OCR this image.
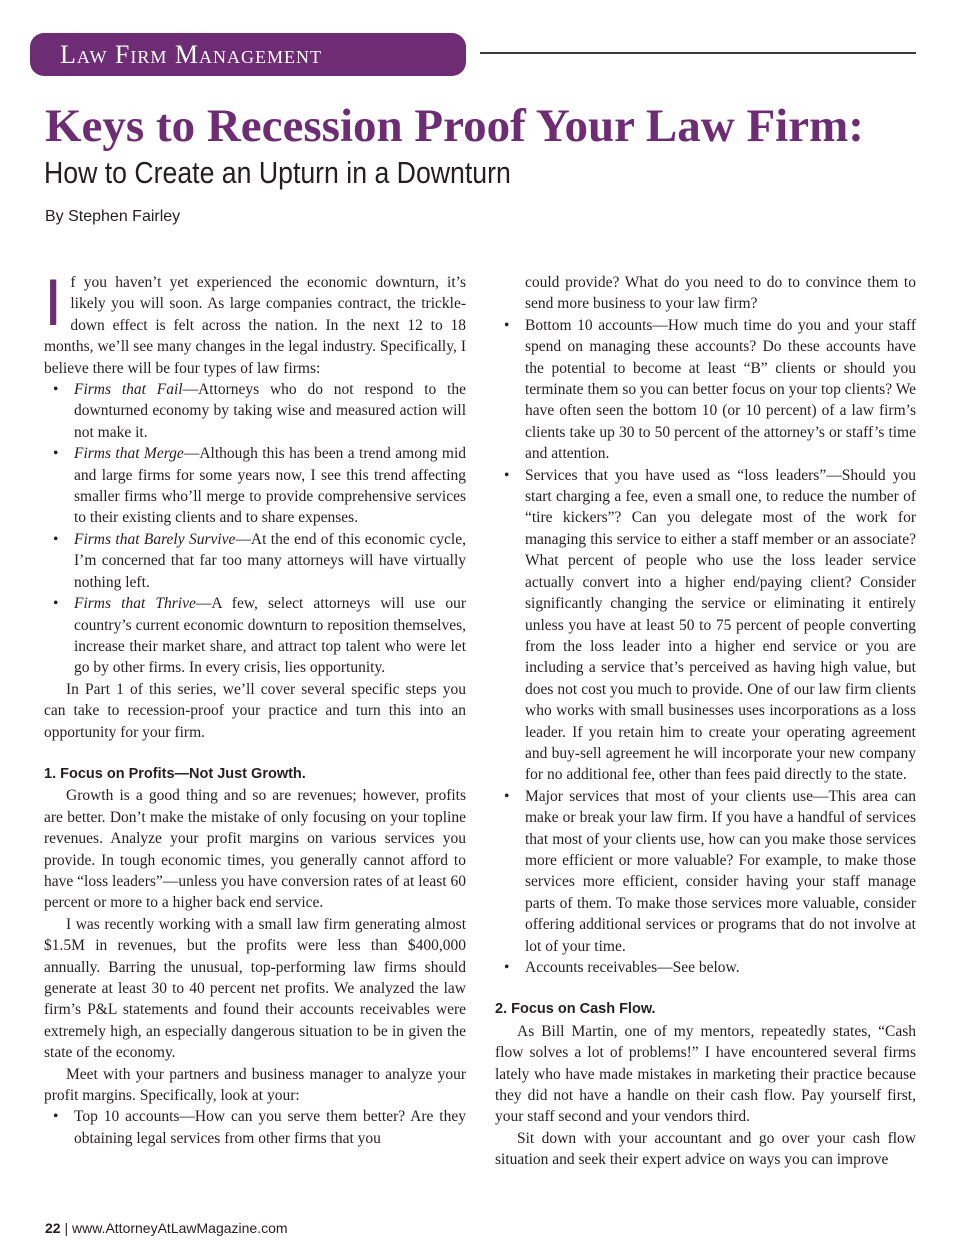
Law Firm Management
Keys to Recession Proof Your Law Firm:
How to Create an Upturn in a Downturn
By Stephen Fairley

If you haven’t yet experienced the economic downturn, it’s likely you will soon. As large companies contract, the trickle-down effect is felt across the nation. In the next 12 to 18 months, we’ll see many changes in the legal industry. Specifically, I believe there will be four types of law firms:

• Firms that Fail—Attorneys who do not respond to the downturned economy by taking wise and measured action will not make it.
• Firms that Merge—Although this has been a trend among mid and large firms for some years now, I see this trend affecting smaller firms who’ll merge to provide comprehensive services to their existing clients and to share expenses.
• Firms that Barely Survive—At the end of this economic cycle, I’m concerned that far too many attorneys will have virtually nothing left.
• Firms that Thrive—A few, select attorneys will use our country’s current economic downturn to reposition themselves, increase their market share, and attract top talent who were let go by other firms. In every crisis, lies opportunity.

In Part 1 of this series, we’ll cover several specific steps you can take to recession-proof your practice and turn this into an opportunity for your firm.

1. Focus on Profits—Not Just Growth.

Growth is a good thing and so are revenues; however, profits are better. Don’t make the mistake of only focusing on your topline revenues. Analyze your profit margins on various services you provide. In tough economic times, you generally cannot afford to have “loss leaders”—unless you have conversion rates of at least 60 percent or more to a higher back end service.

I was recently working with a small law firm generating almost $1.5M in revenues, but the profits were less than $400,000 annually. Barring the unusual, top-performing law firms should generate at least 30 to 40 percent net profits. We analyzed the law firm’s P&L statements and found their accounts receivables were extremely high, an especially dangerous situation to be in given the state of the economy.

Meet with your partners and business manager to analyze your profit margins. Specifically, look at your:

• Top 10 accounts—How can you serve them better? Are they obtaining legal services from other firms that you

could provide? What do you need to do to convince them to send more business to your law firm?

• Bottom 10 accounts—How much time do you and your staff spend on managing these accounts? Do these accounts have the potential to become at least “B” clients or should you terminate them so you can better focus on your top clients? We have often seen the bottom 10 (or 10 percent) of a law firm’s clients take up 30 to 50 percent of the attorney’s or staff’s time and attention.
• Services that you have used as “loss leaders”—Should you start charging a fee, even a small one, to reduce the number of “tire kickers”? Can you delegate most of the work for managing this service to either a staff member or an associate? What percent of people who use the loss leader service actually convert into a higher end/paying client? Consider significantly changing the service or eliminating it entirely unless you have at least 50 to 75 percent of people converting from the loss leader into a higher end service or you are including a service that’s perceived as having high value, but does not cost you much to provide. One of our law firm clients who works with small businesses uses incorporations as a loss leader. If you retain him to create your operating agreement and buy-sell agreement he will incorporate your new company for no additional fee, other than fees paid directly to the state.
• Major services that most of your clients use—This area can make or break your law firm. If you have a handful of services that most of your clients use, how can you make those services more efficient or more valuable? For example, to make those services more efficient, consider having your staff manage parts of them. To make those services more valuable, consider offering additional services or programs that do not involve at lot of your time.
• Accounts receivables—See below.
2. Focus on Cash Flow.

As Bill Martin, one of my mentors, repeatedly states, “Cash flow solves a lot of problems!” I have encountered several firms lately who have made mistakes in marketing their practice because they did not have a handle on their cash flow. Pay yourself first, your staff second and your vendors third.

Sit down with your accountant and go over your cash flow situation and seek their expert advice on ways you can improve

22 | www.AttorneyAtLawMagazine.com
